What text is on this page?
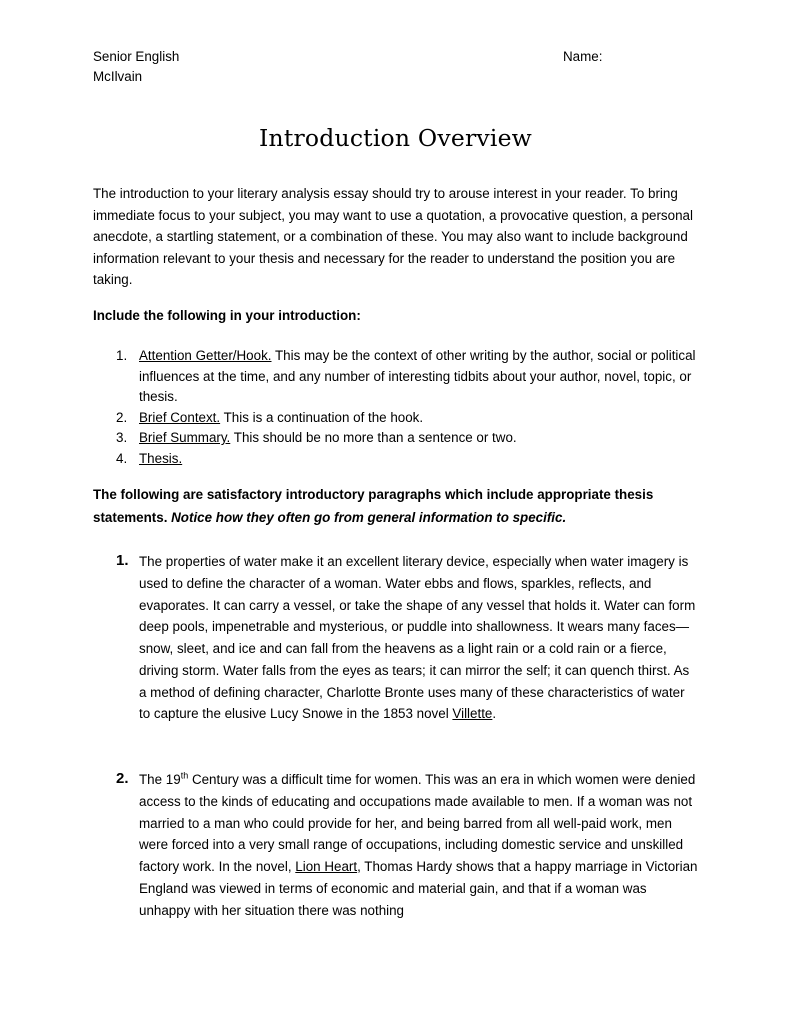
Senior English
McIlvain
Name:
Introduction Overview

The introduction to your literary analysis essay should try to arouse interest in your reader. To bring immediate focus to your subject, you may want to use a quotation, a provocative question, a personal anecdote, a startling statement, or a combination of these. You may also want to include background information relevant to your thesis and necessary for the reader to understand the position you are taking.

Include the following in your introduction:
1. Attention Getter/Hook. This may be the context of other writing by the author, social or political influences at the time, and any number of interesting tidbits about your author, novel, topic, or thesis.
2. Brief Context. This is a continuation of the hook.
3. Brief Summary. This should be no more than a sentence or two.
4. Thesis.

The following are satisfactory introductory paragraphs which include appropriate thesis statements. Notice how they often go from general information to specific.

1. The properties of water make it an excellent literary device, especially when water imagery is used to define the character of a woman. Water ebbs and flows, sparkles, reflects, and evaporates. It can carry a vessel, or take the shape of any vessel that holds it. Water can form deep pools, impenetrable and mysterious, or puddle into shallowness. It wears many faces—snow, sleet, and ice and can fall from the heavens as a light rain or a cold rain or a fierce, driving storm. Water falls from the eyes as tears; it can mirror the self; it can quench thirst. As a method of defining character, Charlotte Bronte uses many of these characteristics of water to capture the elusive Lucy Snowe in the 1853 novel Villette.
2. The 19th Century was a difficult time for women. This was an era in which women were denied access to the kinds of educating and occupations made available to men. If a woman was not married to a man who could provide for her, and being barred from all well-paid work, men were forced into a very small range of occupations, including domestic service and unskilled factory work. In the novel, Lion Heart, Thomas Hardy shows that a happy marriage in Victorian England was viewed in terms of economic and material gain, and that if a woman was unhappy with her situation there was nothing
